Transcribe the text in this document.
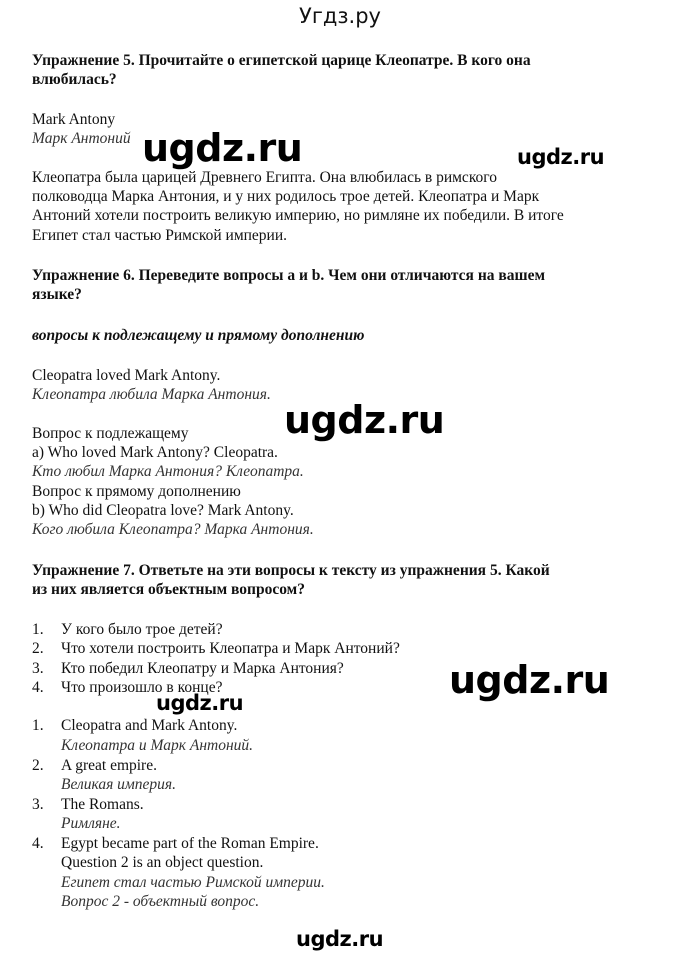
Угдз.ру
Упражнение 5. Прочитайте о египетской царице Клеопатре. В кого она
влюбилась?
Mark Antony
Марк Антоний ugdz.ru	ugdz.ru
Клеопатра была царицей Древнего Египта. Она влюбилась в римского
полководца Марка Антония, и у них родилось трое детей. Клеопатра и Марк
Антоний хотели построить великую империю, но римляне их победили. В итоге
Египет стал частью Римской империи.
Упражнение 6. Переведите вопросы a и b. Чем они отличаются на вашем
языке?
вопросы к подлежащему и прямому дополнению
Cleopatra loved Mark Antony.
Клеопатра любила Марка Антония.
ugdz.ru
Вопрос к подлежащему
a) Who loved Mark Antony? Cleopatra.
Кто любил Марка Антония? Клеопатра.
Вопрос к прямому дополнению
b) Who did Cleopatra love? Mark Antony.
Кого любила Клеопатра? Марка Антония.
Упражнение 7. Ответьте на эти вопросы к тексту из упражнения 5. Какой
из них является объектным вопросом?
1. У кого было трое детей?
2. Что хотели построить Клеопатра и Марк Антоний?
3. Кто победил Клеопатру и Марка Антония?
4. Что произошло в конце?	ugdz.ru
ugdz.ru
1. Cleopatra and Mark Antony.
Клеопатра и Марк Антоний.
2. A great empire.
Великая империя.
3. The Romans.
Римляне.
4. Egypt became part of the Roman Empire.
Question 2 is an object question.
Египет стал частью Римской империи.
Вопрос 2 - объектный вопрос.
ugdz.ru
